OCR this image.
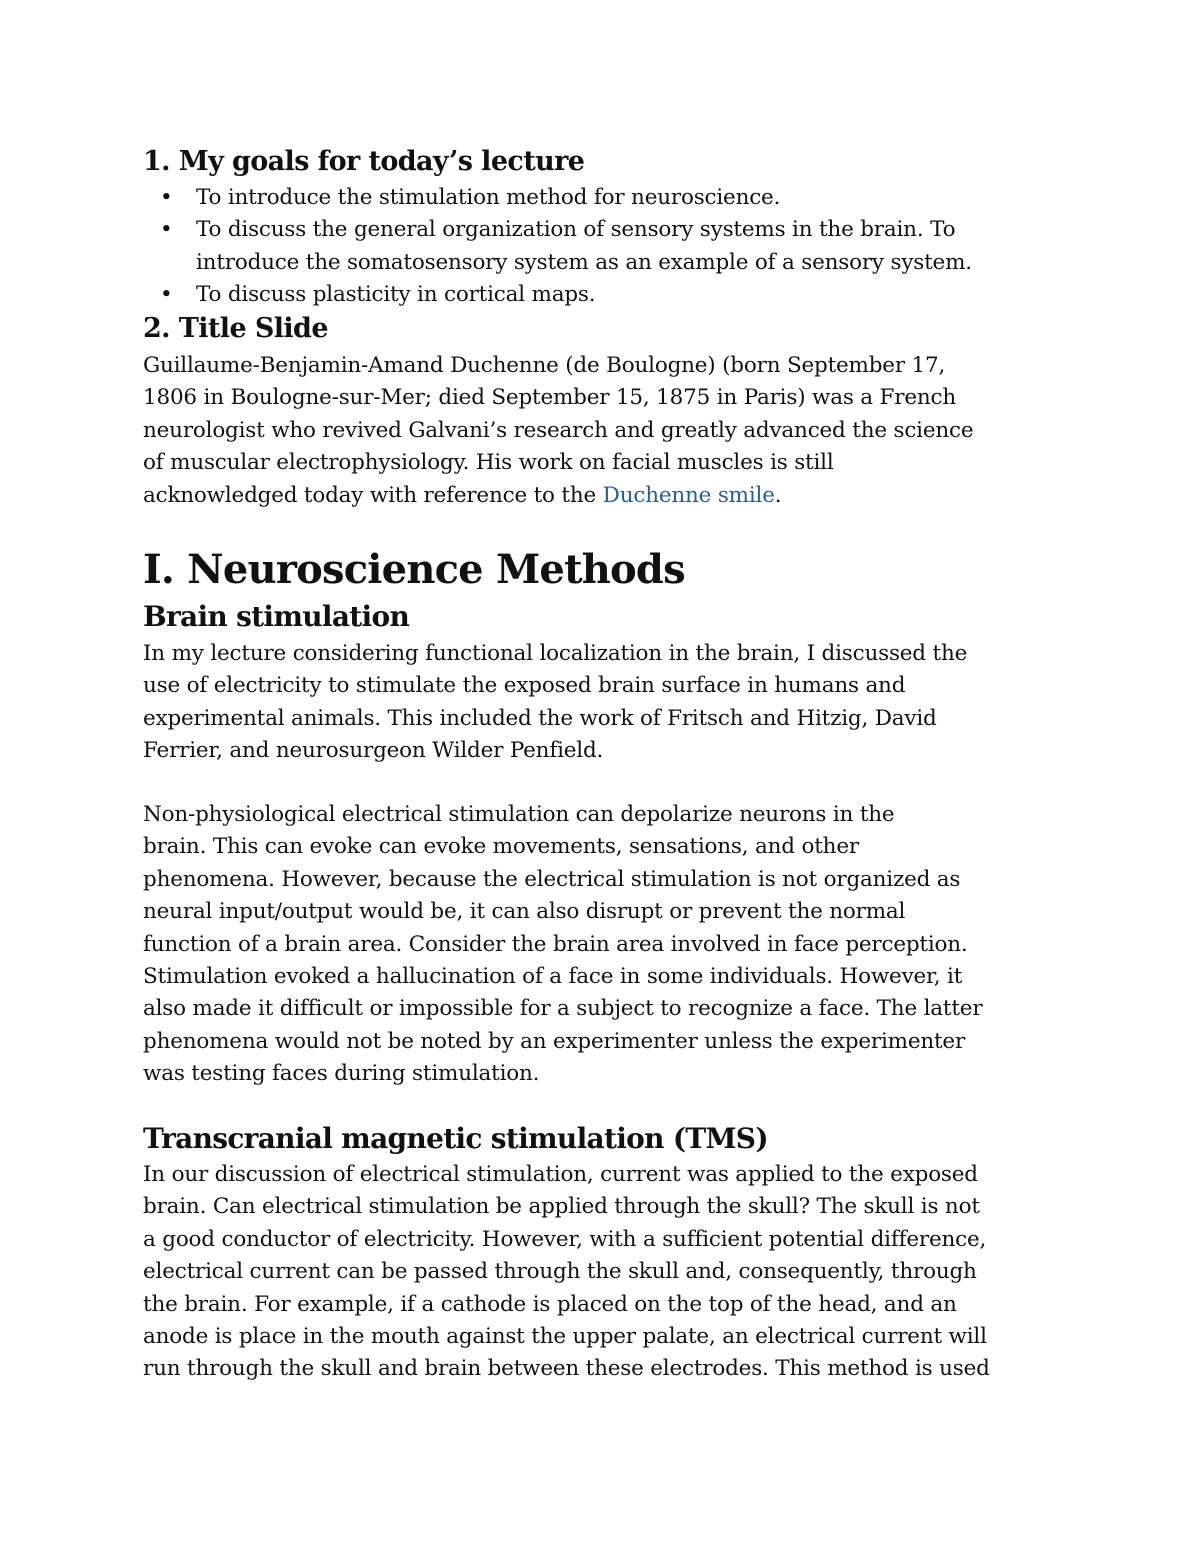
1. My goals for today’s lecture
• To introduce the stimulation method for neuroscience.
• To discuss the general organization of sensory systems in the brain. To
introduce the somatosensory system as an example of a sensory system.
• To discuss plasticity in cortical maps.
2. Title Slide
Guillaume-Benjamin-Amand Duchenne (de Boulogne) (born September 17,
1806 in Boulogne-sur-Mer; died September 15, 1875 in Paris) was a French
neurologist who revived Galvani’s research and greatly advanced the science
of muscular electrophysiology. His work on facial muscles is still
acknowledged today with reference to the Duchenne smile.
I. Neuroscience Methods
Brain stimulation
In my lecture considering functional localization in the brain, I discussed the
use of electricity to stimulate the exposed brain surface in humans and
experimental animals. This included the work of Fritsch and Hitzig, David
Ferrier, and neurosurgeon Wilder Penfield.
Non-physiological electrical stimulation can depolarize neurons in the
brain. This can evoke can evoke movements, sensations, and other
phenomena. However, because the electrical stimulation is not organized as
neural input/output would be, it can also disrupt or prevent the normal
function of a brain area. Consider the brain area involved in face perception.
Stimulation evoked a hallucination of a face in some individuals. However, it
also made it difficult or impossible for a subject to recognize a face. The latter
phenomena would not be noted by an experimenter unless the experimenter
was testing faces during stimulation.
Transcranial magnetic stimulation (TMS)
In our discussion of electrical stimulation, current was applied to the exposed
brain. Can electrical stimulation be applied through the skull? The skull is not
a good conductor of electricity. However, with a sufficient potential difference,
electrical current can be passed through the skull and, consequently, through
the brain. For example, if a cathode is placed on the top of the head, and an
anode is place in the mouth against the upper palate, an electrical current will
run through the skull and brain between these electrodes. This method is used
